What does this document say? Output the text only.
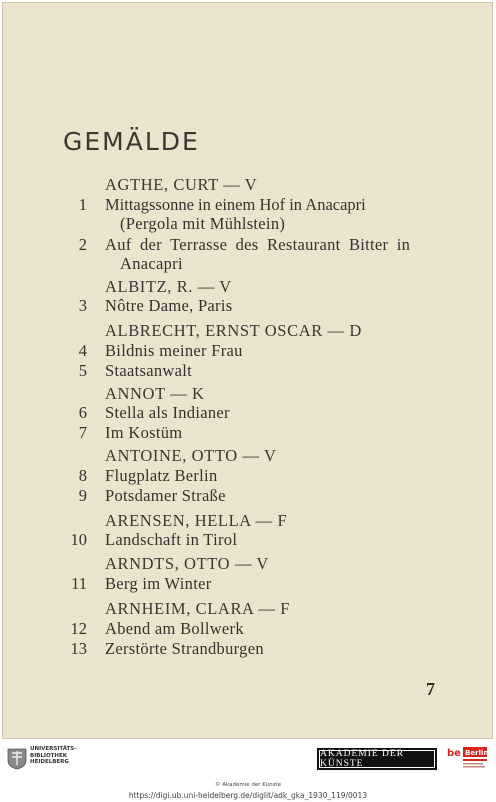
GEMÄLDE
AGTHE, CURT — V
1 Mittagssonne in einem Hof in Anacapri
(Pergola mit Mühlstein)
2 Auf der Terrasse des Restaurant Bitter in
Anacapri
ALBITZ, R. — V
3 Nôtre Dame, Paris
ALBRECHT, ERNST OSCAR — D
4 Bildnis meiner Frau
5 Staatsanwalt
ANNOT — K
6 Stella als Indianer
7 Im Kostüm
ANTOINE, OTTO — V
8 Flugplatz Berlin
9 Potsdamer Straße
ARENSEN, HELLA — F
10 Landschaft in Tirol
ARNDTS, OTTO — V
11 Berg im Winter
ARNHEIM, CLARA — F
12 Abend am Bollwerk
13 Zerstörte Strandburgen
7
UNIVERSITÄTS-
BIBLIOTHEK
HEIDELBERG
AKADEMIE DER KÜNSTE
be Berlin
© Akademie der Künste
https://digi.ub.uni-heidelberg.de/diglit/adk_gka_1930_119/0013
